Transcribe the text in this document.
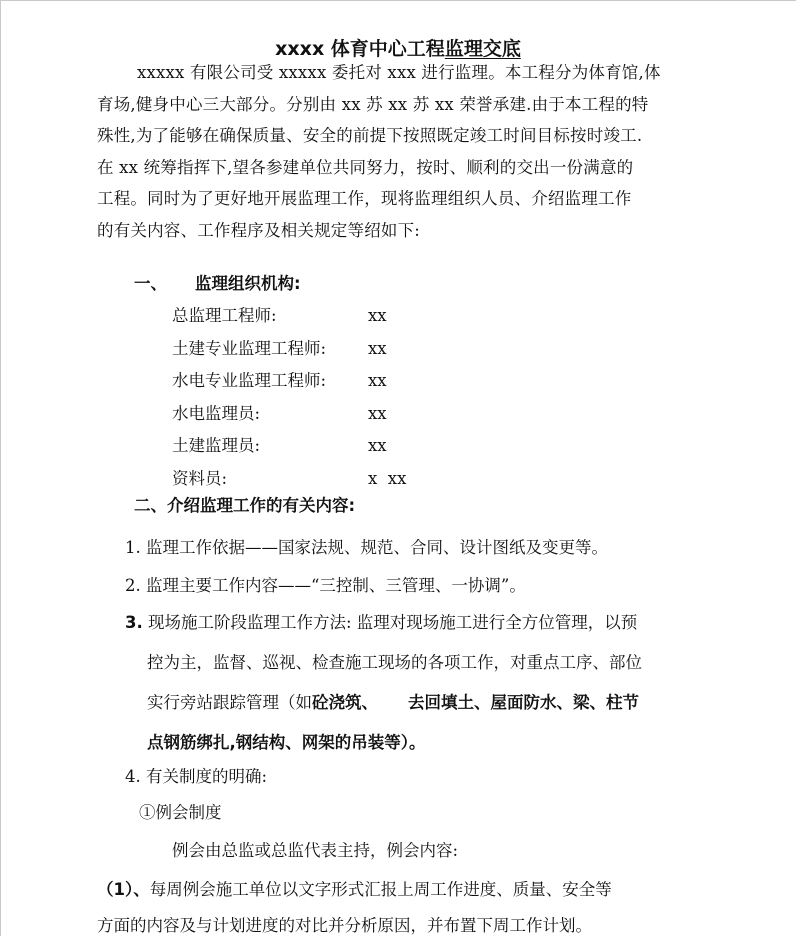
xxxx 体育中心工程监理交底
xxxxx 有限公司受 xxxxx 委托对 xxx 进行监理。本工程分为体育馆,体
育场,健身中心三大部分。分别由 xx 苏 xx 苏 xx 荣誉承建.由于本工程的特
殊性,为了能够在确保质量、安全的前提下按照既定竣工时间目标按时竣工.
在 xx 统筹指挥下,望各参建单位共同努力，按时、顺利的交出一份满意的
工程。同时为了更好地开展监理工作，现将监理组织人员、介绍监理工作
的有关内容、工作程序及相关规定等绍如下:
一、 监理组织机构:
总监理工程师:	xx
土建专业监理工程师:	xx
水电专业监理工程师:	xx
水电监理员:	xx
土建监理员:	xx
资料员:	x  xx
二、介绍监理工作的有关内容:
1. 监理工作依据——国家法规、规范、合同、设计图纸及变更等。
2. 监理主要工作内容——“三控制、三管理、一协调”。
3. 现场施工阶段监理工作方法: 监理对现场施工进行全方位管理，以预
控为主，监督、巡视、检查施工现场的各项工作，对重点工序、部位
实行旁站跟踪管理（如砼浇筑、 去回填土、屋面防水、梁、柱节
点钢筋绑扎,钢结构、网架的吊装等）。
4. 有关制度的明确:
①例会制度
例会由总监或总监代表主持，例会内容:
（1）、每周例会施工单位以文字形式汇报上周工作进度、质量、安全等
方面的内容及与计划进度的对比并分析原因，并布置下周工作计划。
